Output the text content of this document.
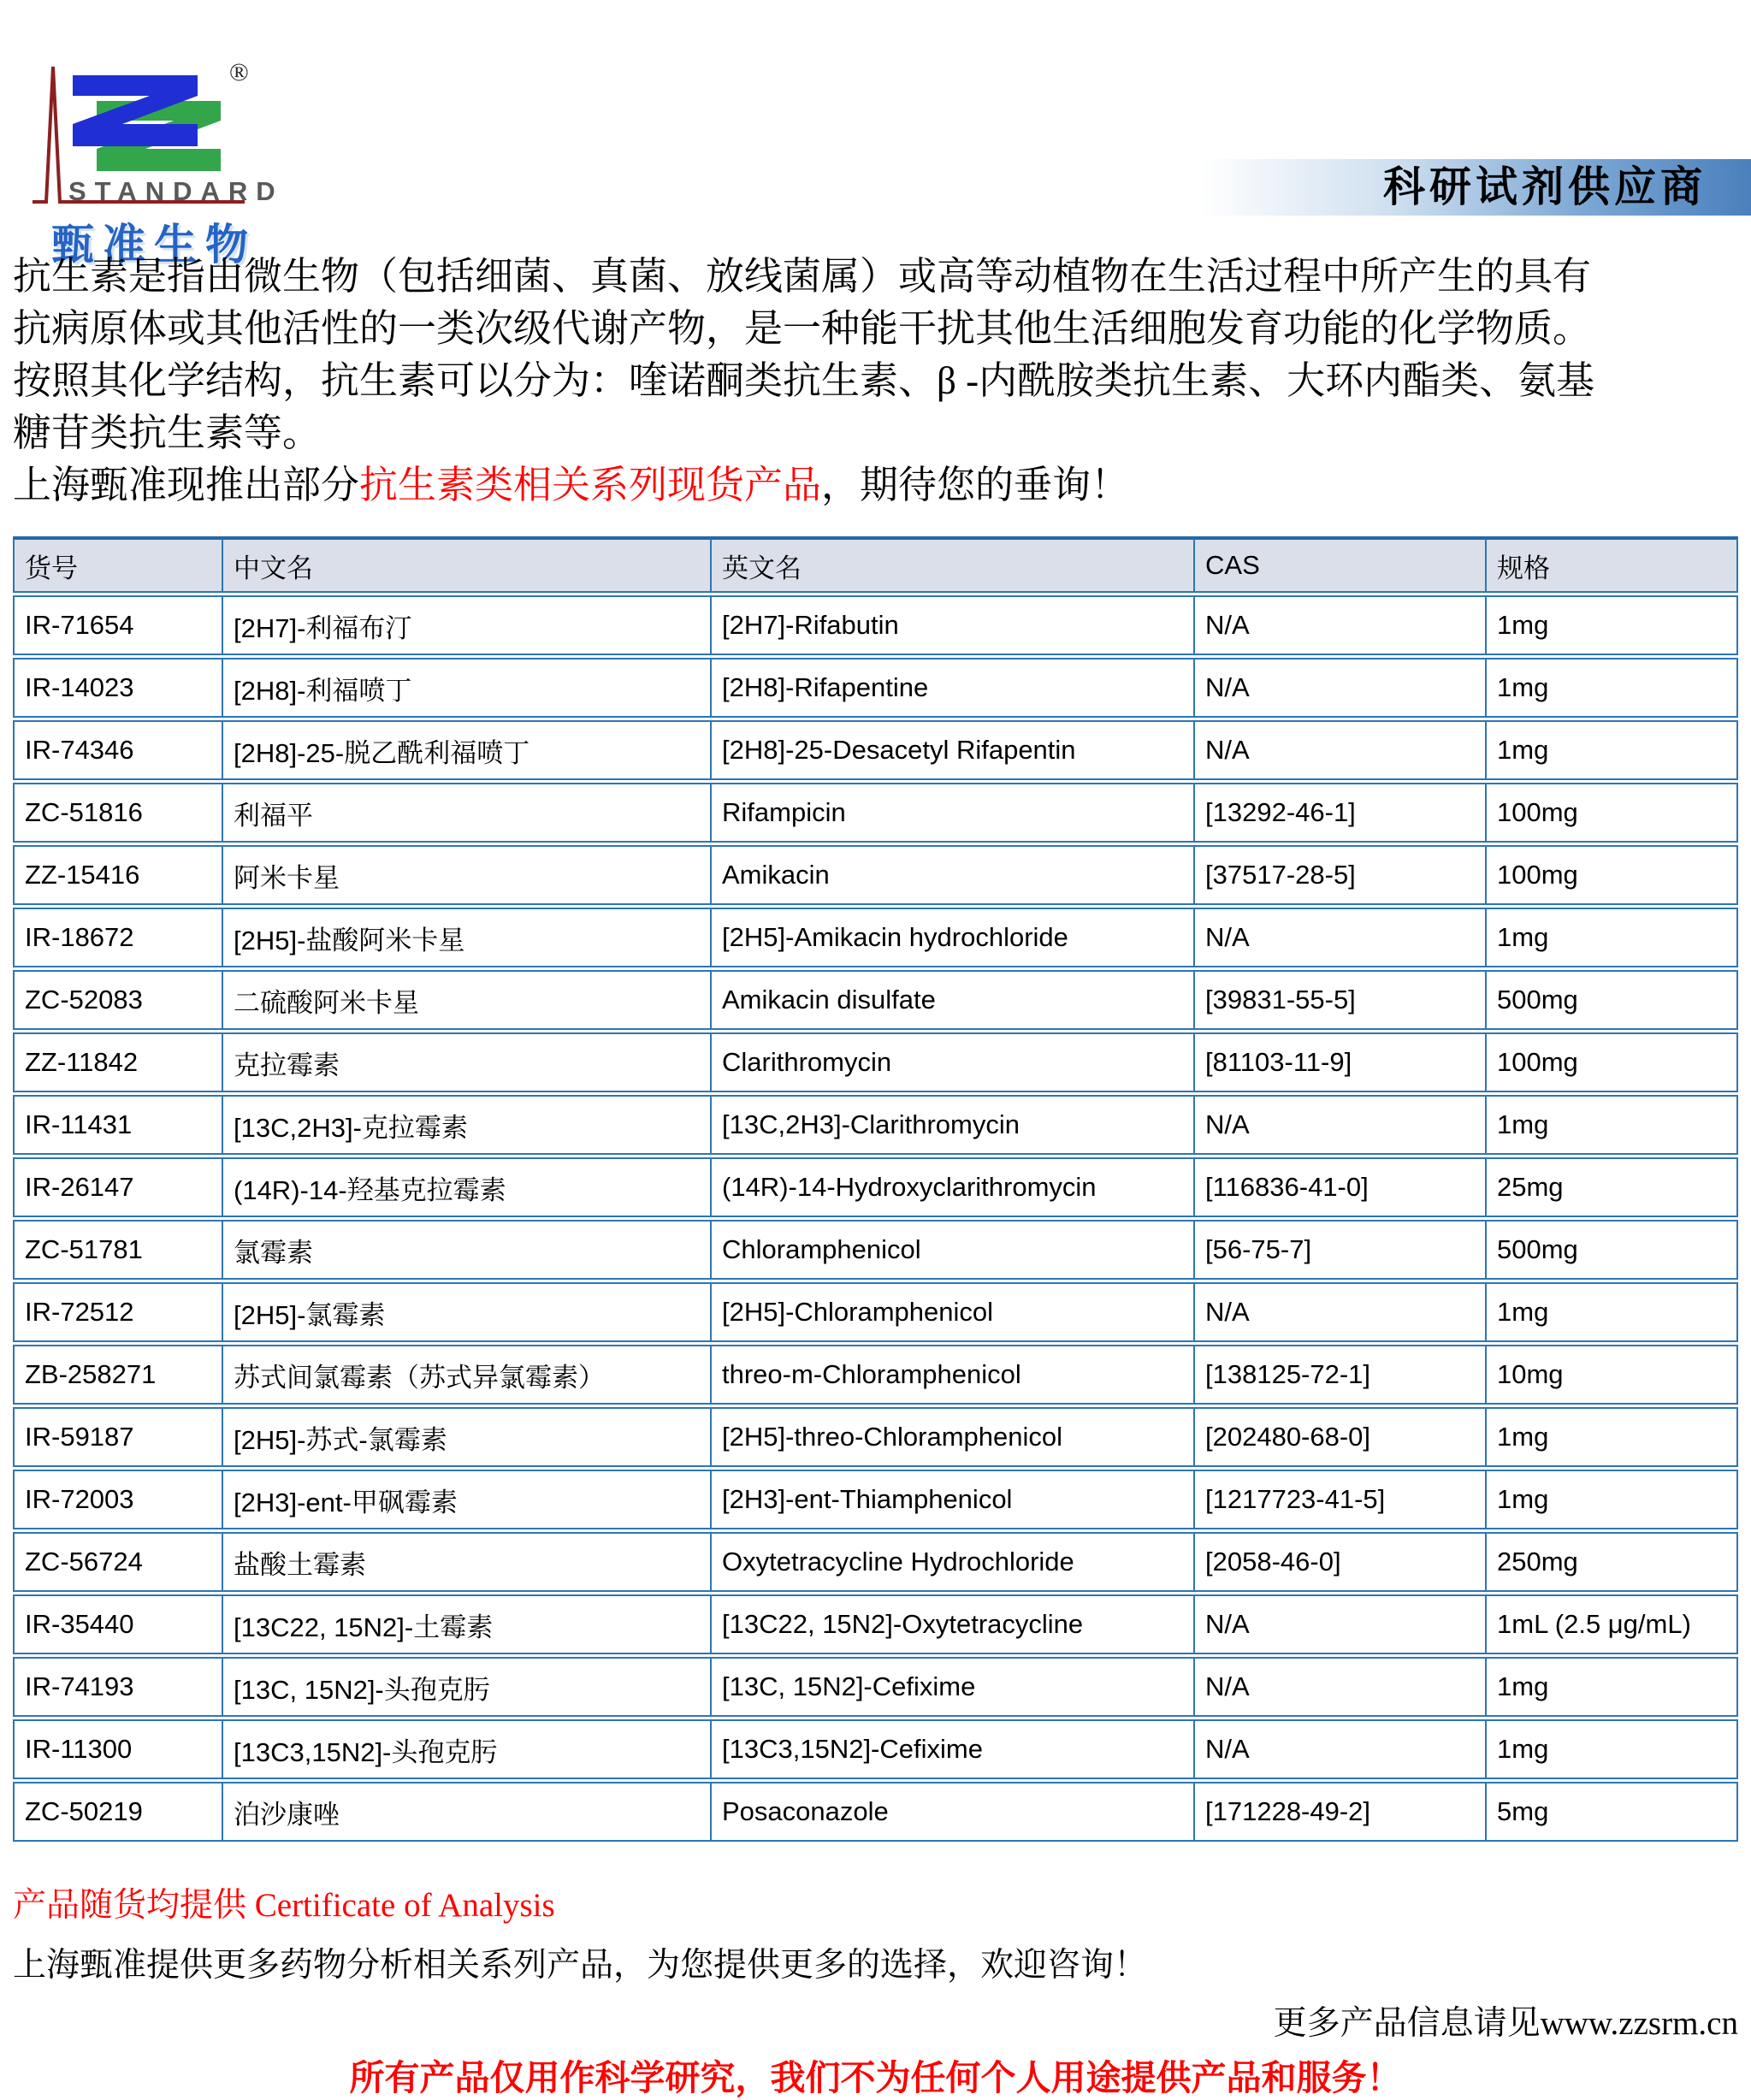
®
STANDARD
甄准生物
科研试剂供应商
抗生素是指由微生物（包括细菌、真菌、放线菌属）或高等动植物在生活过程中所产生的具有
抗病原体或其他活性的一类次级代谢产物，是一种能干扰其他生活细胞发育功能的化学物质。
按照其化学结构，抗生素可以分为：喹诺酮类抗生素、β -内酰胺类抗生素、大环内酯类、氨基
糖苷类抗生素等。
上海甄准现推出部分抗生素类相关系列现货产品，期待您的垂询！
货号	中文名	英文名	CAS	规格
IR-71654	[2H7]-利福布汀	[2H7]-Rifabutin	N/A	1mg
IR-14023	[2H8]-利福喷丁	[2H8]-Rifapentine	N/A	1mg
IR-74346	[2H8]-25-脱乙酰利福喷丁	[2H8]-25-Desacetyl Rifapentin	N/A	1mg
ZC-51816	利福平	Rifampicin	[13292-46-1]	100mg
ZZ-15416	阿米卡星	Amikacin	[37517-28-5]	100mg
IR-18672	[2H5]-盐酸阿米卡星	[2H5]-Amikacin hydrochloride	N/A	1mg
ZC-52083	二硫酸阿米卡星	Amikacin disulfate	[39831-55-5]	500mg
ZZ-11842	克拉霉素	Clarithromycin	[81103-11-9]	100mg
IR-11431	[13C,2H3]-克拉霉素	[13C,2H3]-Clarithromycin	N/A	1mg
IR-26147	(14R)-14-羟基克拉霉素	(14R)-14-Hydroxyclarithromycin	[116836-41-0]	25mg
ZC-51781	氯霉素	Chloramphenicol	[56-75-7]	500mg
IR-72512	[2H5]-氯霉素	[2H5]-Chloramphenicol	N/A	1mg
ZB-258271	苏式间氯霉素（苏式异氯霉素）	threo-m-Chloramphenicol	[138125-72-1]	10mg
IR-59187	[2H5]-苏式-氯霉素	[2H5]-threo-Chloramphenicol	[202480-68-0]	1mg
IR-72003	[2H3]-ent-甲砜霉素	[2H3]-ent-Thiamphenicol	[1217723-41-5]	1mg
ZC-56724	盐酸土霉素	Oxytetracycline Hydrochloride	[2058-46-0]	250mg
IR-35440	[13C22, 15N2]-土霉素	[13C22, 15N2]-Oxytetracycline	N/A	1mL (2.5 μg/mL)
IR-74193	[13C, 15N2]-头孢克肟	[13C, 15N2]-Cefixime	N/A	1mg
IR-11300	[13C3,15N2]-头孢克肟	[13C3,15N2]-Cefixime	N/A	1mg
ZC-50219	泊沙康唑	Posaconazole	[171228-49-2]	5mg
产品随货均提供 Certificate of Analysis
上海甄准提供更多药物分析相关系列产品，为您提供更多的选择，欢迎咨询！
更多产品信息请见www.zzsrm.cn
所有产品仅用作科学研究，我们不为任何个人用途提供产品和服务！
